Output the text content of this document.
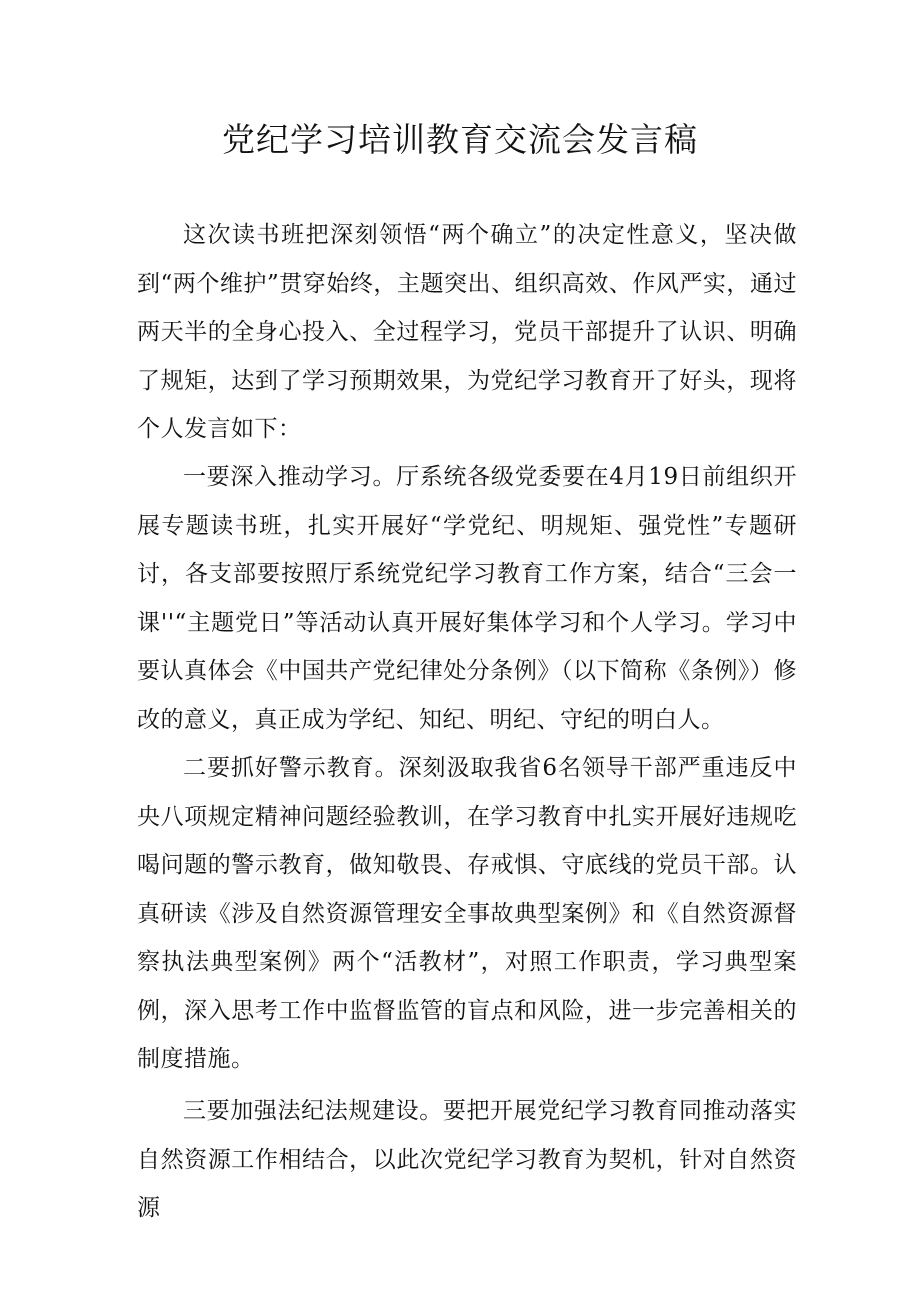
党纪学习培训教育交流会发言稿

这次读书班把深刻领悟“两个确立”的决定性意义，坚决做到“两个维护”贯穿始终，主题突出、组织高效、作风严实，通过两天半的全身心投入、全过程学习，党员干部提升了认识、明确了规矩，达到了学习预期效果，为党纪学习教育开了好头，现将个人发言如下：

一要深入推动学习。厅系统各级党委要在4月19日前组织开展专题读书班，扎实开展好“学党纪、明规矩、强党性”专题研讨，各支部要按照厅系统党纪学习教育工作方案，结合“三会一课''“主题党日”等活动认真开展好集体学习和个人学习。学习中要认真体会《中国共产党纪律处分条例》（以下简称《条例》）修改的意义，真正成为学纪、知纪、明纪、守纪的明白人。

二要抓好警示教育。深刻汲取我省6名领导干部严重违反中央八项规定精神问题经验教训，在学习教育中扎实开展好违规吃喝问题的警示教育，做知敬畏、存戒惧、守底线的党员干部。认真研读《涉及自然资源管理安全事故典型案例》和《自然资源督察执法典型案例》两个“活教材”，对照工作职责，学习典型案例，深入思考工作中监督监管的盲点和风险，进一步完善相关的制度措施。

三要加强法纪法规建设。要把开展党纪学习教育同推动落实自然资源工作相结合，以此次党纪学习教育为契机，针对自然资源
